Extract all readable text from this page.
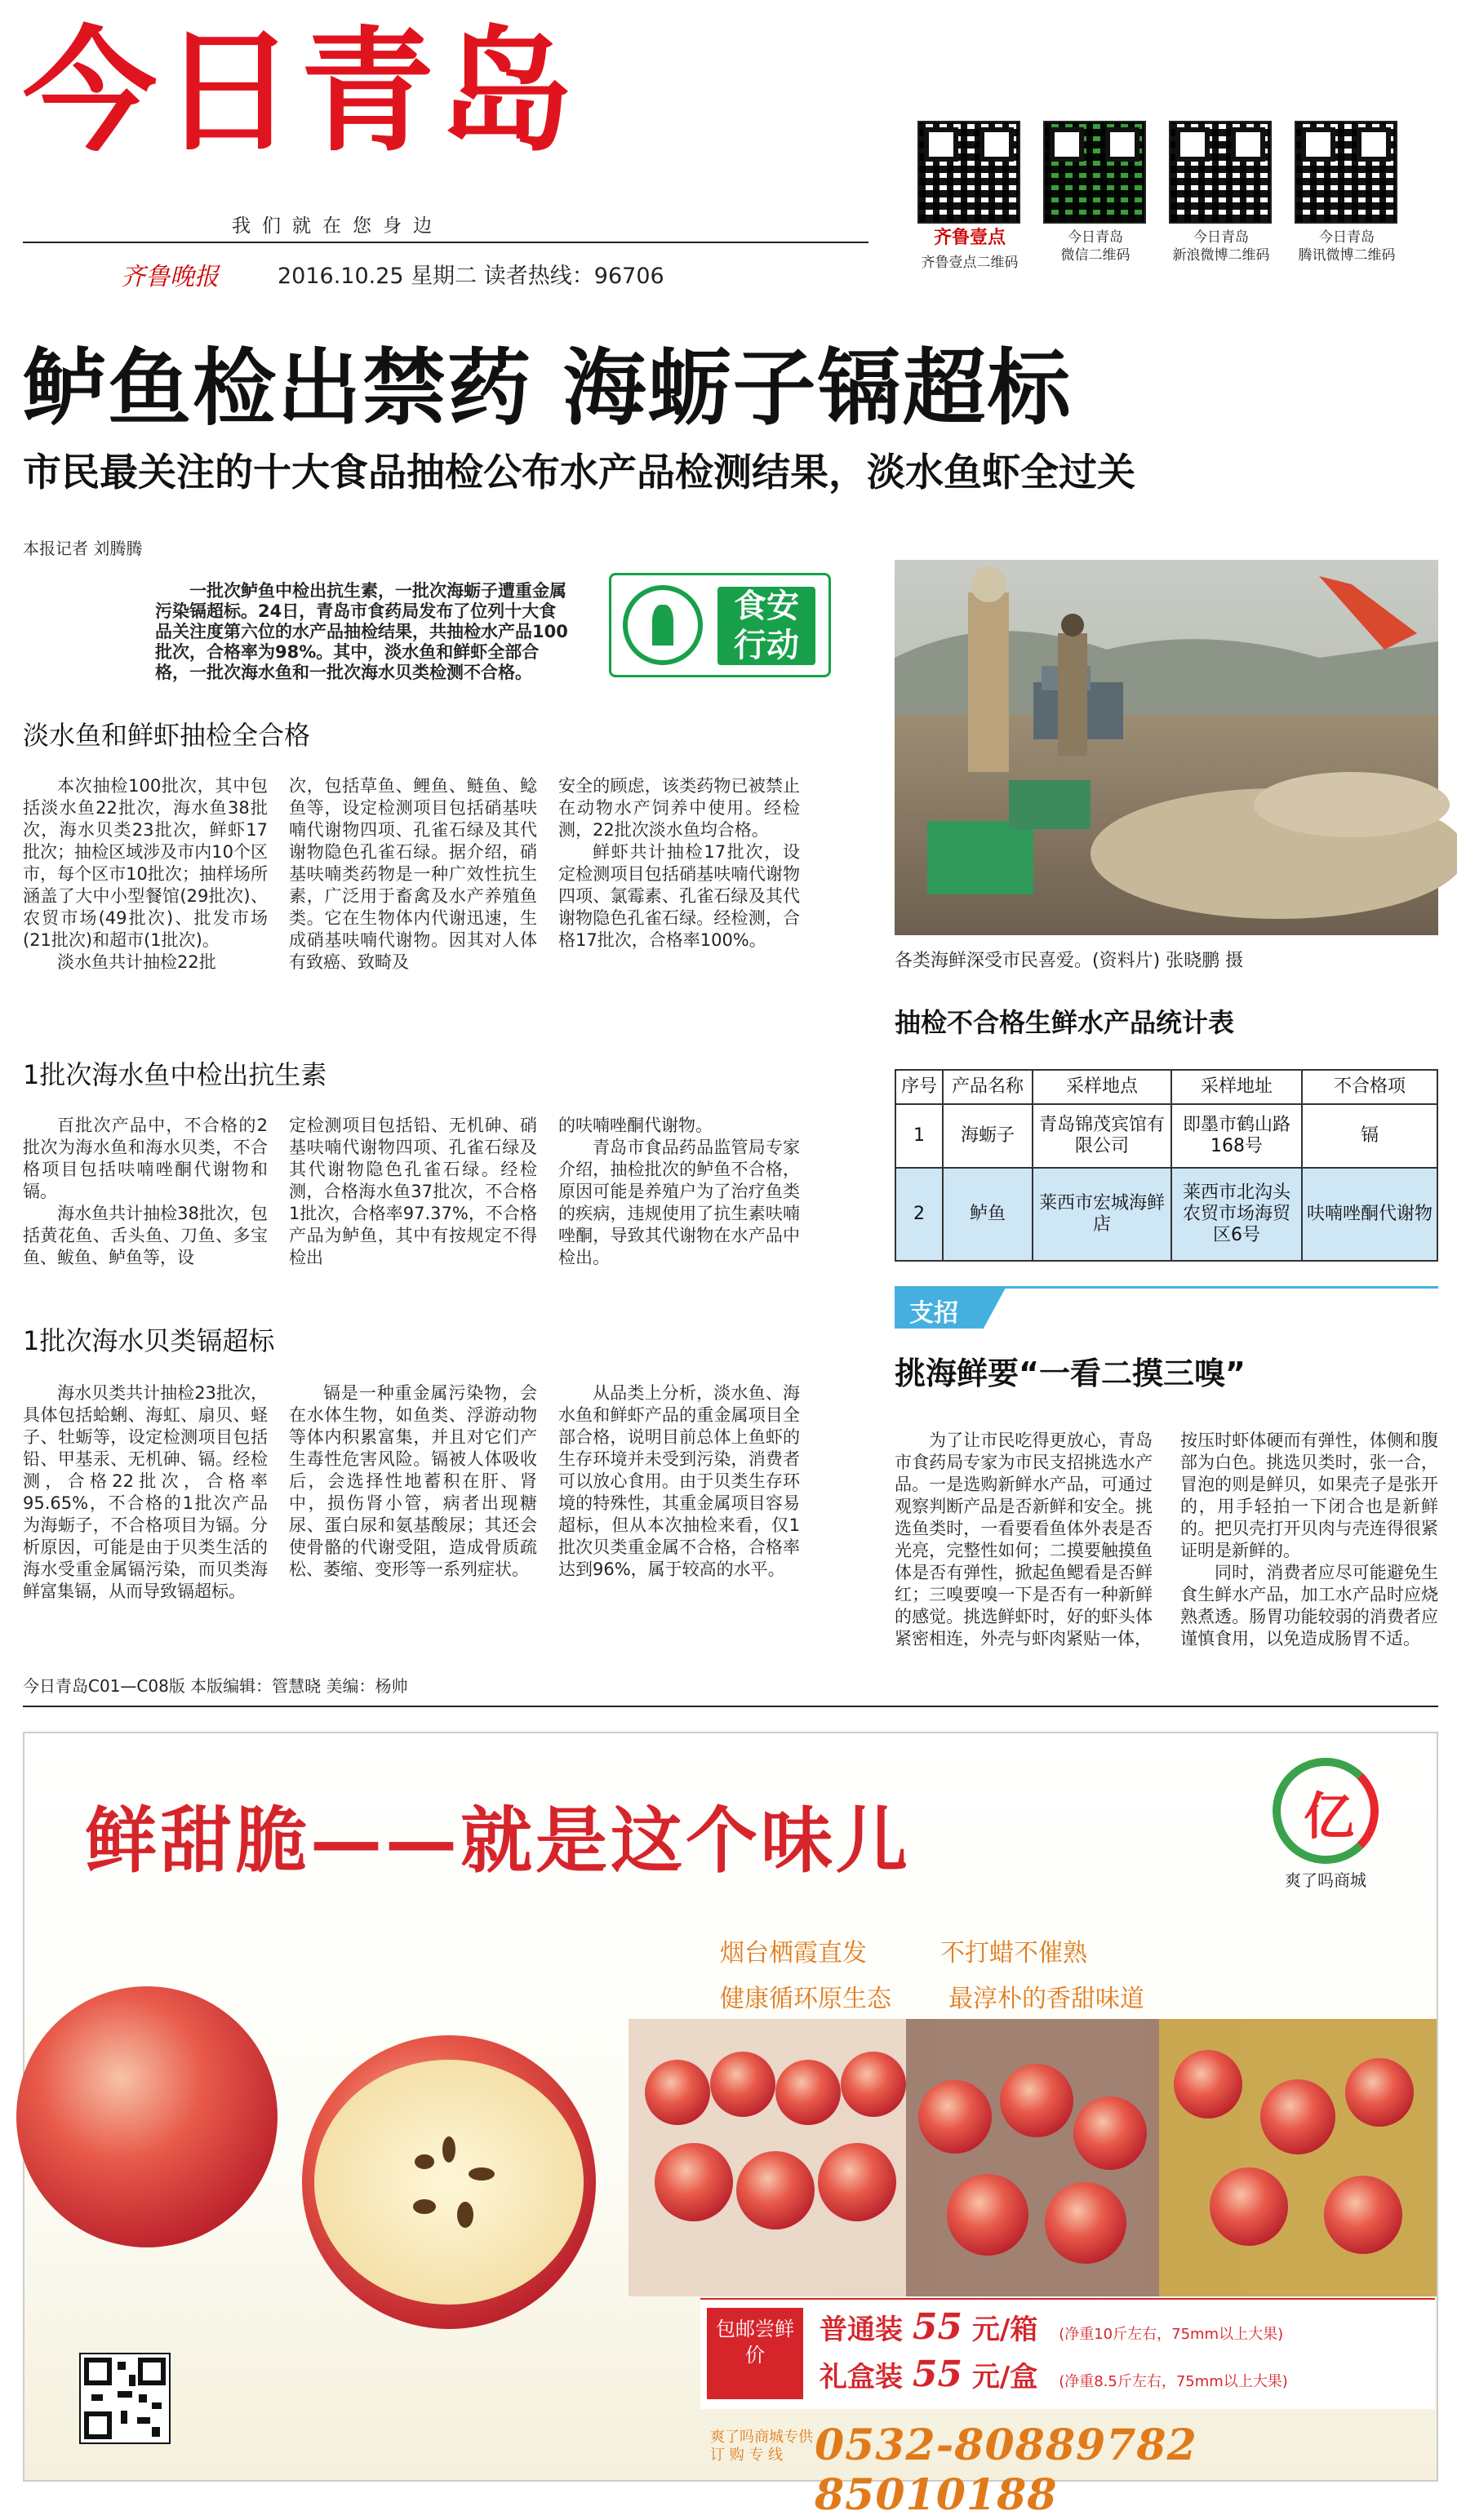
今日青岛
我们就在您身边
齐鲁晚报	2016.10.25 星期二 读者热线：96706
齐鲁壹点
齐鲁壹点二维码
今日青岛
微信二维码
今日青岛
新浪微博二维码
今日青岛
腾讯微博二维码
鲈鱼检出禁药 海蛎子镉超标
市民最关注的十大食品抽检公布水产品检测结果，淡水鱼虾全过关
本报记者 刘腾腾
一批次鲈鱼中检出抗生素，一批次海蛎子遭重金属污染镉超标。24日，青岛市食药局发布了位列十大食品关注度第六位的水产品抽检结果，共抽检水产品100批次，合格率为98%。其中，淡水鱼和鲜虾全部合格，一批次海水鱼和一批次海水贝类检测不合格。
食安
行动
淡水鱼和鲜虾抽检全合格

本次抽检100批次，其中包括淡水鱼22批次，海水鱼38批次，海水贝类23批次，鲜虾17批次；抽检区域涉及市内10个区市，每个区市10批次；抽样场所涵盖了大中小型餐馆(29批次)、农贸市场(49批次)、批发市场(21批次)和超市(1批次)。

淡水鱼共计抽检22批

次，包括草鱼、鲤鱼、鲢鱼、鲶鱼等，设定检测项目包括硝基呋喃代谢物四项、孔雀石绿及其代谢物隐色孔雀石绿。据介绍，硝基呋喃类药物是一种广效性抗生素，广泛用于畜禽及水产养殖鱼类。它在生物体内代谢迅速，生成硝基呋喃代谢物。因其对人体有致癌、致畸及

安全的顾虑，该类药物已被禁止在动物水产饲养中使用。经检测，22批次淡水鱼均合格。

鲜虾共计抽检17批次，设定检测项目包括硝基呋喃代谢物四项、氯霉素、孔雀石绿及其代谢物隐色孔雀石绿。经检测，合格17批次，合格率100%。

1批次海水鱼中检出抗生素

百批次产品中，不合格的2批次为海水鱼和海水贝类，不合格项目包括呋喃唑酮代谢物和镉。

海水鱼共计抽检38批次，包括黄花鱼、舌头鱼、刀鱼、多宝鱼、鲅鱼、鲈鱼等，设

定检测项目包括铅、无机砷、硝基呋喃代谢物四项、孔雀石绿及其代谢物隐色孔雀石绿。经检测，合格海水鱼37批次，不合格1批次，合格率97.37%，不合格产品为鲈鱼，其中有按规定不得检出

的呋喃唑酮代谢物。

青岛市食品药品监管局专家介绍，抽检批次的鲈鱼不合格，原因可能是养殖户为了治疗鱼类的疾病，违规使用了抗生素呋喃唑酮，导致其代谢物在水产品中检出。

1批次海水贝类镉超标

海水贝类共计抽检23批次，具体包括蛤蜊、海虹、扇贝、蛏子、牡蛎等，设定检测项目包括铅、甲基汞、无机砷、镉。经检测，合格22批次，合格率95.65%，不合格的1批次产品为海蛎子，不合格项目为镉。分析原因，可能是由于贝类生活的海水受重金属镉污染，而贝类海鲜富集镉，从而导致镉超标。

镉是一种重金属污染物，会在水体生物，如鱼类、浮游动物等体内积累富集，并且对它们产生毒性危害风险。镉被人体吸收后，会选择性地蓄积在肝、肾中，损伤肾小管，病者出现糖尿、蛋白尿和氨基酸尿；其还会使骨骼的代谢受阻，造成骨质疏松、萎缩、变形等一系列症状。

从品类上分析，淡水鱼、海水鱼和鲜虾产品的重金属项目全部合格，说明目前总体上鱼虾的生存环境并未受到污染，消费者可以放心食用。由于贝类生存环境的特殊性，其重金属项目容易超标，但从本次抽检来看，仅1批次贝类重金属不合格，合格率达到96%，属于较高的水平。

各类海鲜深受市民喜爱。(资料片) 张晓鹏 摄
抽检不合格生鲜水产品统计表
序号	产品名称	采样地点	采样地址	不合格项
1	海蛎子	青岛锦茂宾馆有限公司	即墨市鹤山路168号	镉
2	鲈鱼	莱西市宏城海鲜店	莱西市北沟头农贸市场海贸区6号	呋喃唑酮代谢物
支招
挑海鲜要“一看二摸三嗅”

为了让市民吃得更放心，青岛市食药局专家为市民支招挑选水产品。一是选购新鲜水产品，可通过观察判断产品是否新鲜和安全。挑选鱼类时，一看要看鱼体外表是否光亮，完整性如何；二摸要触摸鱼体是否有弹性，掀起鱼鳃看是否鲜红；三嗅要嗅一下是否有一种新鲜的感觉。挑选鲜虾时，好的虾头体紧密相连，外壳与虾肉紧贴一体，

按压时虾体硬而有弹性，体侧和腹部为白色。挑选贝类时，张一合，冒泡的则是鲜贝，如果壳子是张开的，用手轻拍一下闭合也是新鲜的。把贝壳打开贝肉与壳连得很紧证明是新鲜的。

同时，消费者应尽可能避免生食生鲜水产品，加工水产品时应烧熟煮透。肠胃功能较弱的消费者应谨慎食用，以免造成肠胃不适。

今日青岛C01—C08版 本版编辑：管慧晓 美编：杨帅
鲜甜脆——就是这个味儿
亿	爽了吗商城
烟台栖霞直发	不打蜡不催熟
健康循环原生态 最淳朴的香甜味道
包邮尝鲜价
普通装 55 元/箱 (净重10斤左右，75mm以上大果)
礼盒装 55 元/盒 (净重8.5斤左右，75mm以上大果)
爽了吗商城专供
订 购 专 线 0532-80889782 85010188
